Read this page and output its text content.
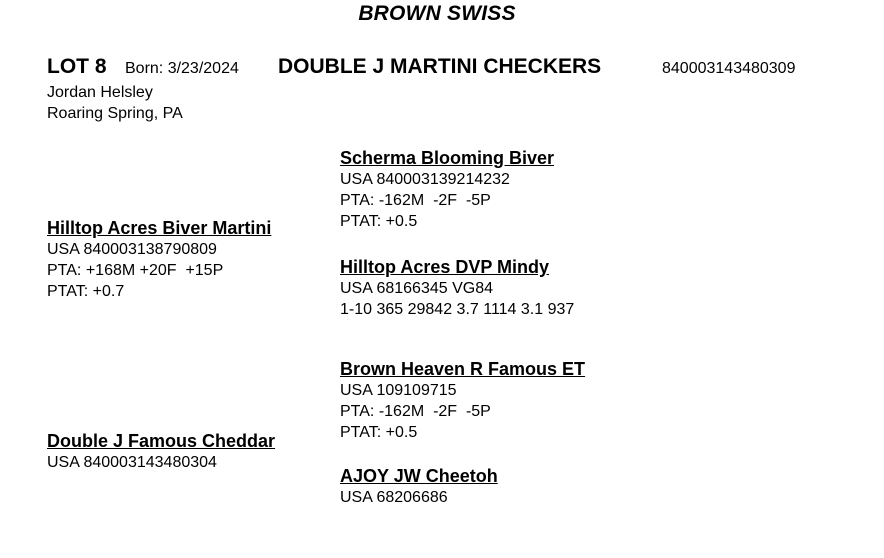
BROWN SWISS
LOT 8 Born: 3/23/2024 DOUBLE J MARTINI CHECKERS	840003143480309
Jordan Helsley
Roaring Spring, PA
Scherma Blooming Biver
USA 840003139214232
PTA: -162M  -2F  -5P
PTAT: +0.5
Hilltop Acres Biver Martini
USA 840003138790809
PTA: +168M +20F  +15P
PTAT: +0.7
Hilltop Acres DVP Mindy
USA 68166345 VG84
1-10 365 29842 3.7 1114 3.1 937
Brown Heaven R Famous ET
USA 109109715
PTA: -162M  -2F  -5P
PTAT: +0.5
Double J Famous Cheddar
USA 840003143480304
AJOY JW Cheetoh
USA 68206686
